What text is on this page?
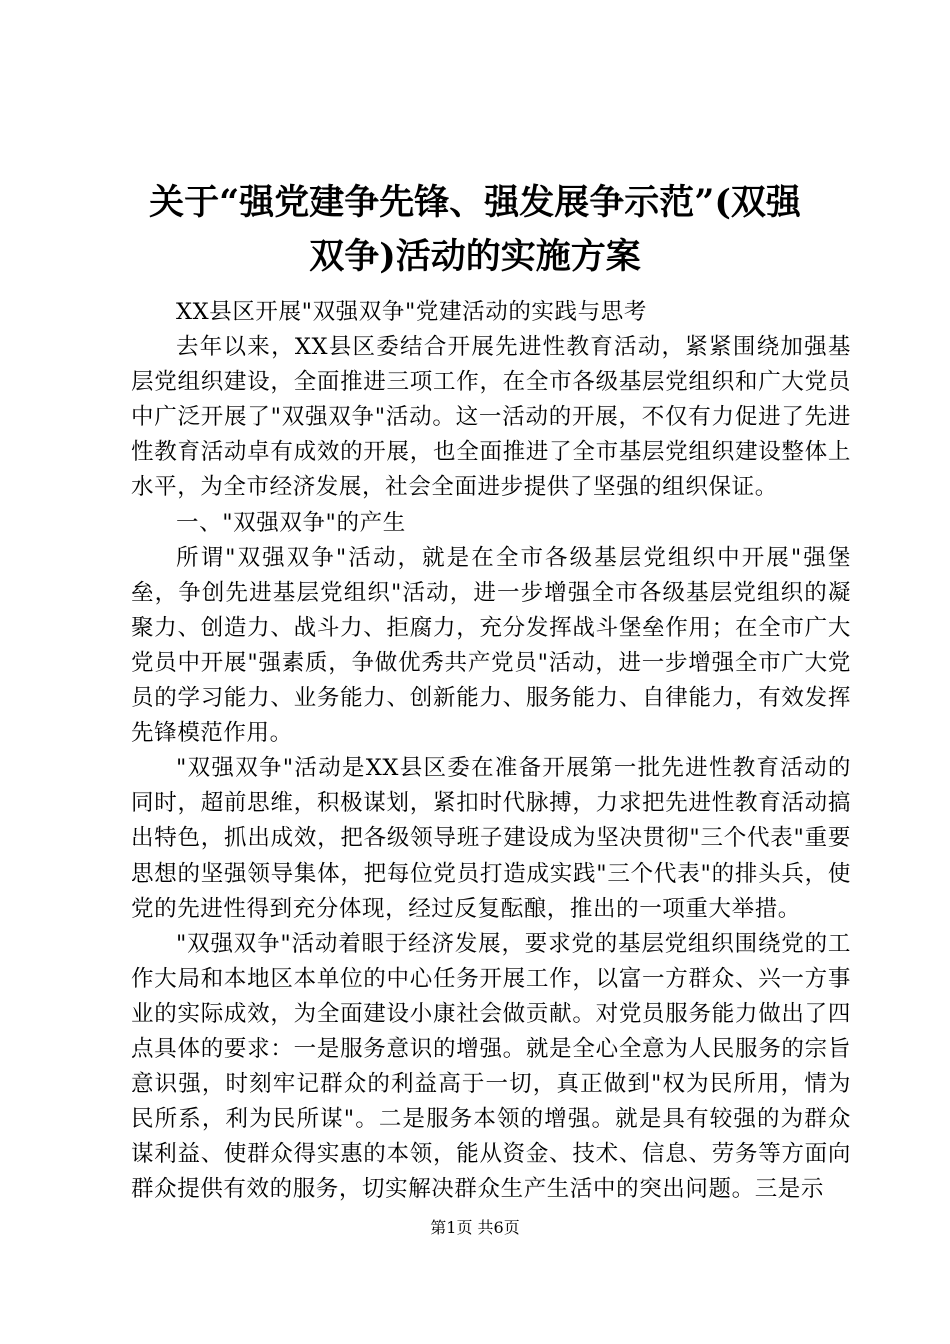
关于“强党建争先锋、强发展争示范”(双强
双争)活动的实施方案

XX县区开展"双强双争"党建活动的实践与思考

去年以来，XX县区委结合开展先进性教育活动，紧紧围绕加强基层党组织建设，全面推进三项工作，在全市各级基层党组织和广大党员中广泛开展了"双强双争"活动。这一活动的开展，不仅有力促进了先进性教育活动卓有成效的开展，也全面推进了全市基层党组织建设整体上水平，为全市经济发展，社会全面进步提供了坚强的组织保证。

一、"双强双争"的产生

所谓"双强双争"活动，就是在全市各级基层党组织中开展"强堡垒，争创先进基层党组织"活动，进一步增强全市各级基层党组织的凝聚力、创造力、战斗力、拒腐力，充分发挥战斗堡垒作用；在全市广大党员中开展"强素质，争做优秀共产党员"活动，进一步增强全市广大党员的学习能力、业务能力、创新能力、服务能力、自律能力，有效发挥先锋模范作用。

"双强双争"活动是XX县区委在准备开展第一批先进性教育活动的同时，超前思维，积极谋划，紧扣时代脉搏，力求把先进性教育活动搞出特色，抓出成效，把各级领导班子建设成为坚决贯彻"三个代表"重要思想的坚强领导集体，把每位党员打造成实践"三个代表"的排头兵，使党的先进性得到充分体现，经过反复酝酿，推出的一项重大举措。

"双强双争"活动着眼于经济发展，要求党的基层党组织围绕党的工作大局和本地区本单位的中心任务开展工作，以富一方群众、兴一方事业的实际成效，为全面建设小康社会做贡献。对党员服务能力做出了四点具体的要求：一是服务意识的增强。就是全心全意为人民服务的宗旨意识强，时刻牢记群众的利益高于一切，真正做到"权为民所用，情为民所系，利为民所谋"。二是服务本领的增强。就是具有较强的为群众谋利益、使群众得实惠的本领，能从资金、技术、信息、劳务等方面向群众提供有效的服务，切实解决群众生产生活中的突出问题。三是示

第1页 共6页
